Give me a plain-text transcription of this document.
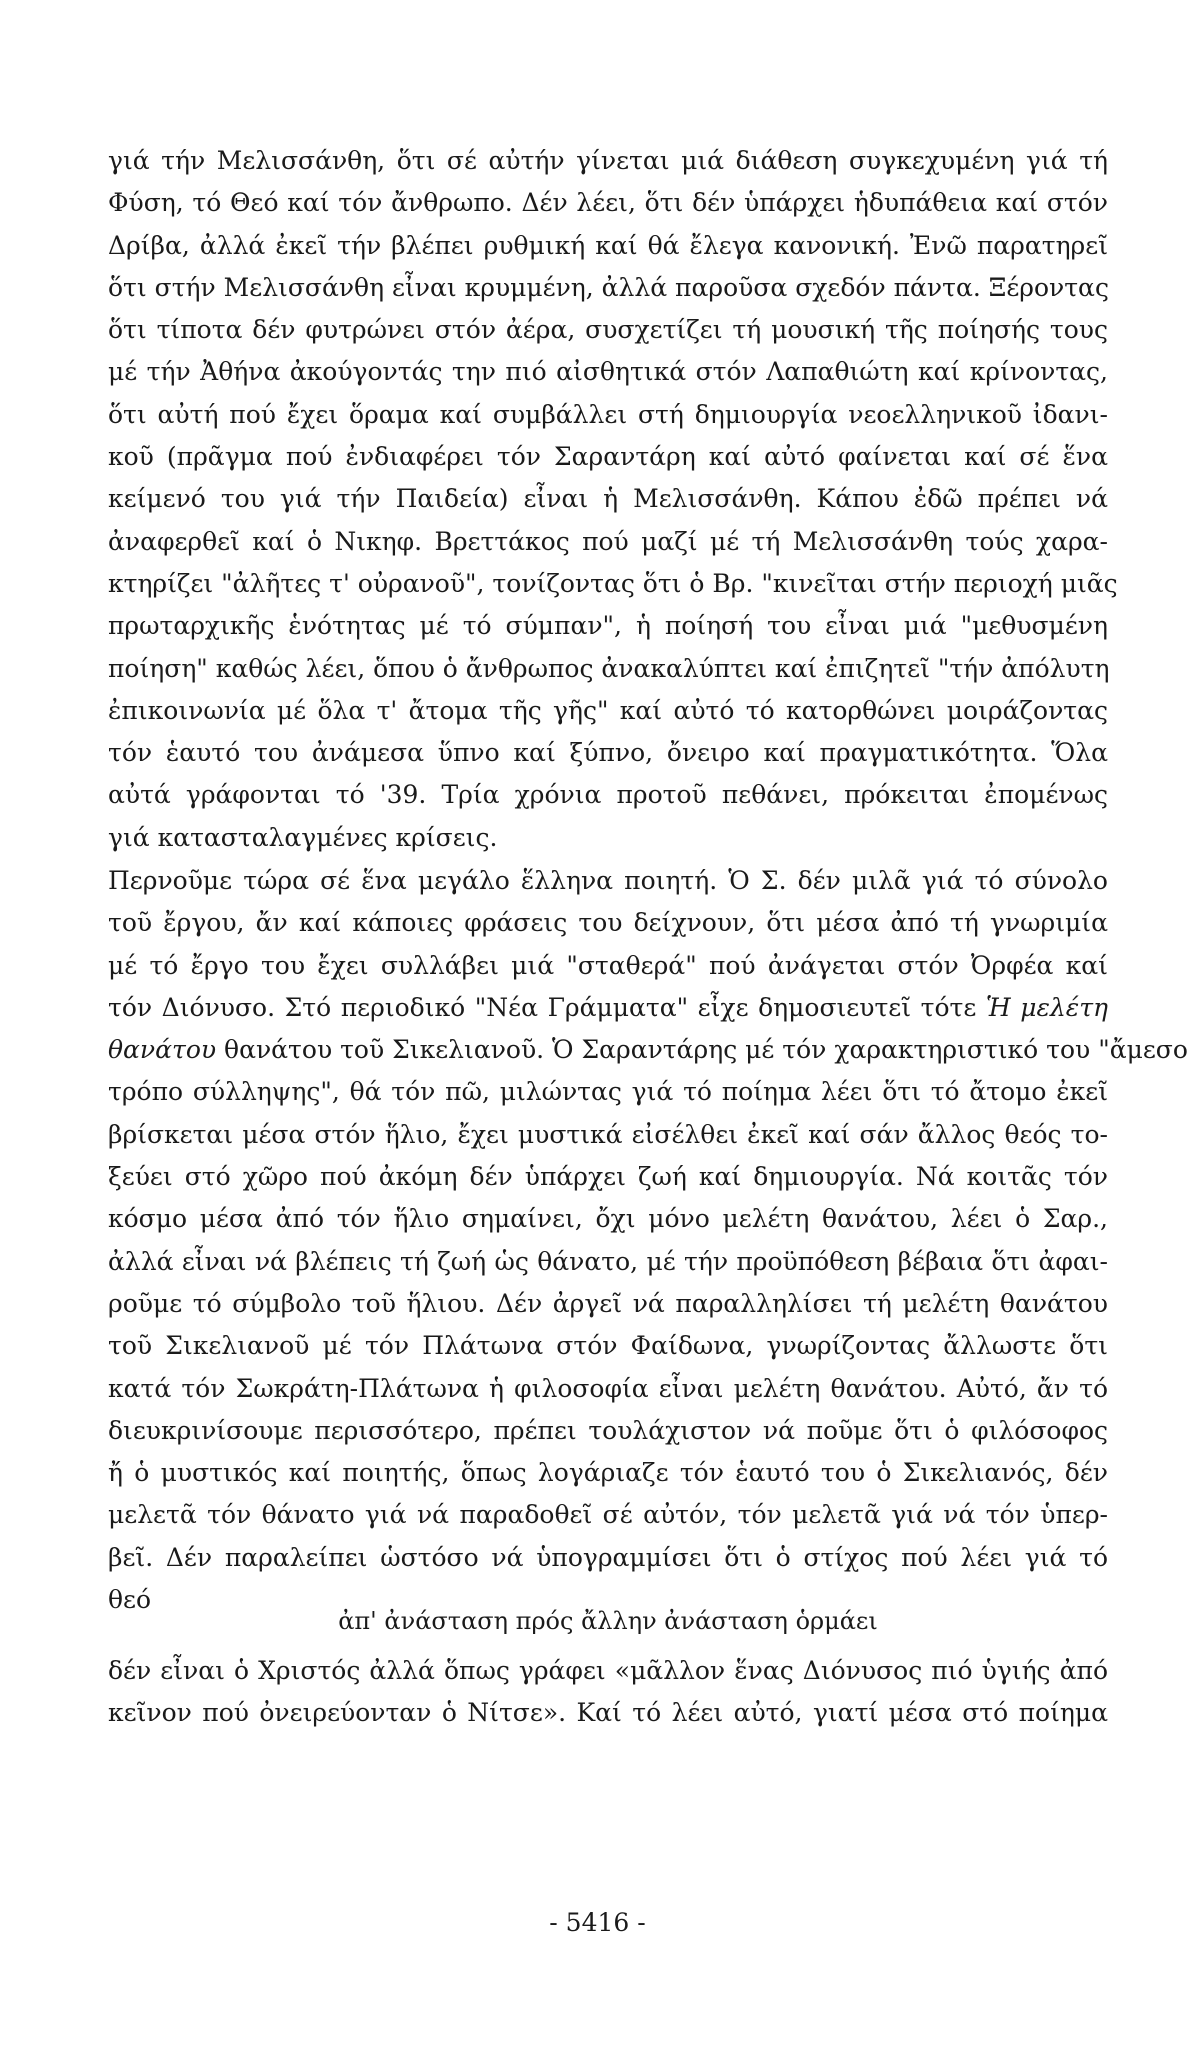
γιά τήν Μελισσάνθη, ὅτι σέ αὐτήν γίνεται μιά διάθεση συγκεχυμένη γιά τή
Φύση, τό Θεό καί τόν ἄνθρωπο. Δέν λέει, ὅτι δέν ὑπάρχει ἡδυπάθεια καί στόν
Δρίβα, ἀλλά ἐκεῖ τήν βλέπει ρυθμική καί θά ἔλεγα κανονική. Ἐνῶ παρατηρεῖ
ὅτι στήν Μελισσάνθη εἶναι κρυμμένη, ἀλλά παροῦσα σχεδόν πάντα. Ξέροντας
ὅτι τίποτα δέν φυτρώνει στόν ἀέρα, συσχετίζει τή μουσική τῆς ποίησής τους
μέ τήν Ἀθήνα ἀκούγοντάς την πιό αἰσθητικά στόν Λαπαθιώτη καί κρίνοντας,
ὅτι αὐτή πού ἔχει ὅραμα καί συμβάλλει στή δημιουργία νεοελληνικοῦ ἰδανι-
κοῦ (πρᾶγμα πού ἐνδιαφέρει τόν Σαραντάρη καί αὐτό φαίνεται καί σέ ἕνα
κείμενό του γιά τήν Παιδεία) εἶναι ἡ Μελισσάνθη. Κάπου ἐδῶ πρέπει νά
ἀναφερθεῖ καί ὁ Νικηφ. Βρεττάκος πού μαζί μέ τή Μελισσάνθη τούς χαρα-
κτηρίζει "ἀλῆτες τ' οὐρανοῦ", τονίζοντας ὅτι ὁ Βρ. "κινεῖται στήν περιοχή μιᾶς
πρωταρχικῆς ἑνότητας μέ τό σύμπαν", ἡ ποίησή του εἶναι μιά "μεθυσμένη
ποίηση" καθώς λέει, ὅπου ὁ ἄνθρωπος ἀνακαλύπτει καί ἐπιζητεῖ "τήν ἀπόλυτη
ἐπικοινωνία μέ ὅλα τ' ἄτομα τῆς γῆς" καί αὐτό τό κατορθώνει μοιράζοντας
τόν ἑαυτό του ἀνάμεσα ὕπνο καί ξύπνο, ὄνειρο καί πραγματικότητα. Ὅλα
αὐτά γράφονται τό '39. Τρία χρόνια προτοῦ πεθάνει, πρόκειται ἐπομένως
γιά κατασταλαγμένες κρίσεις.
Περνοῦμε τώρα σέ ἕνα μεγάλο ἕλληνα ποιητή. Ὁ Σ. δέν μιλᾶ γιά τό σύνολο
τοῦ ἔργου, ἄν καί κάποιες φράσεις του δείχνουν, ὅτι μέσα ἀπό τή γνωριμία
μέ τό ἔργο του ἔχει συλλάβει μιά "σταθερά" πού ἀνάγεται στόν Ὀρφέα καί
τόν Διόνυσο. Στό περιοδικό "Νέα Γράμματα" εἶχε δημοσιευτεῖ τότε Ἡ μελέτη
θανάτου θανάτου τοῦ Σικελιανοῦ. Ὁ Σαραντάρης μέ τόν χαρακτηριστικό του "ἄμεσο
τρόπο σύλληψης", θά τόν πῶ, μιλώντας γιά τό ποίημα λέει ὅτι τό ἄτομο ἐκεῖ
βρίσκεται μέσα στόν ἥλιο, ἔχει μυστικά εἰσέλθει ἐκεῖ καί σάν ἄλλος θεός το-
ξεύει στό χῶρο πού ἀκόμη δέν ὑπάρχει ζωή καί δημιουργία. Νά κοιτᾶς τόν
κόσμο μέσα ἀπό τόν ἥλιο σημαίνει, ὄχι μόνο μελέτη θανάτου, λέει ὁ Σαρ.,
ἀλλά εἶναι νά βλέπεις τή ζωή ὡς θάνατο, μέ τήν προϋπόθεση βέβαια ὅτι ἀφαι-
ροῦμε τό σύμβολο τοῦ ἥλιου. Δέν ἀργεῖ νά παραλληλίσει τή μελέτη θανάτου
τοῦ Σικελιανοῦ μέ τόν Πλάτωνα στόν Φαίδωνα, γνωρίζοντας ἄλλωστε ὅτι
κατά τόν Σωκράτη-Πλάτωνα ἡ φιλοσοφία εἶναι μελέτη θανάτου. Αὐτό, ἄν τό
διευκρινίσουμε περισσότερο, πρέπει τουλάχιστον νά ποῦμε ὅτι ὁ φιλόσοφος
ἤ ὁ μυστικός καί ποιητής, ὅπως λογάριαζε τόν ἑαυτό του ὁ Σικελιανός, δέν
μελετᾶ τόν θάνατο γιά νά παραδοθεῖ σέ αὐτόν, τόν μελετᾶ γιά νά τόν ὑπερ-
βεῖ. Δέν παραλείπει ὡστόσο νά ὑπογραμμίσει ὅτι ὁ στίχος πού λέει γιά τό
θεό
ἀπ' ἀνάσταση πρός ἄλλην ἀνάσταση ὁρμάει
δέν εἶναι ὁ Χριστός ἀλλά ὅπως γράφει «μᾶλλον ἕνας Διόνυσος πιό ὑγιής ἀπό
κεῖνον πού ὀνειρεύονταν ὁ Νίτσε». Καί τό λέει αὐτό, γιατί μέσα στό ποίημα
- 5416 -
